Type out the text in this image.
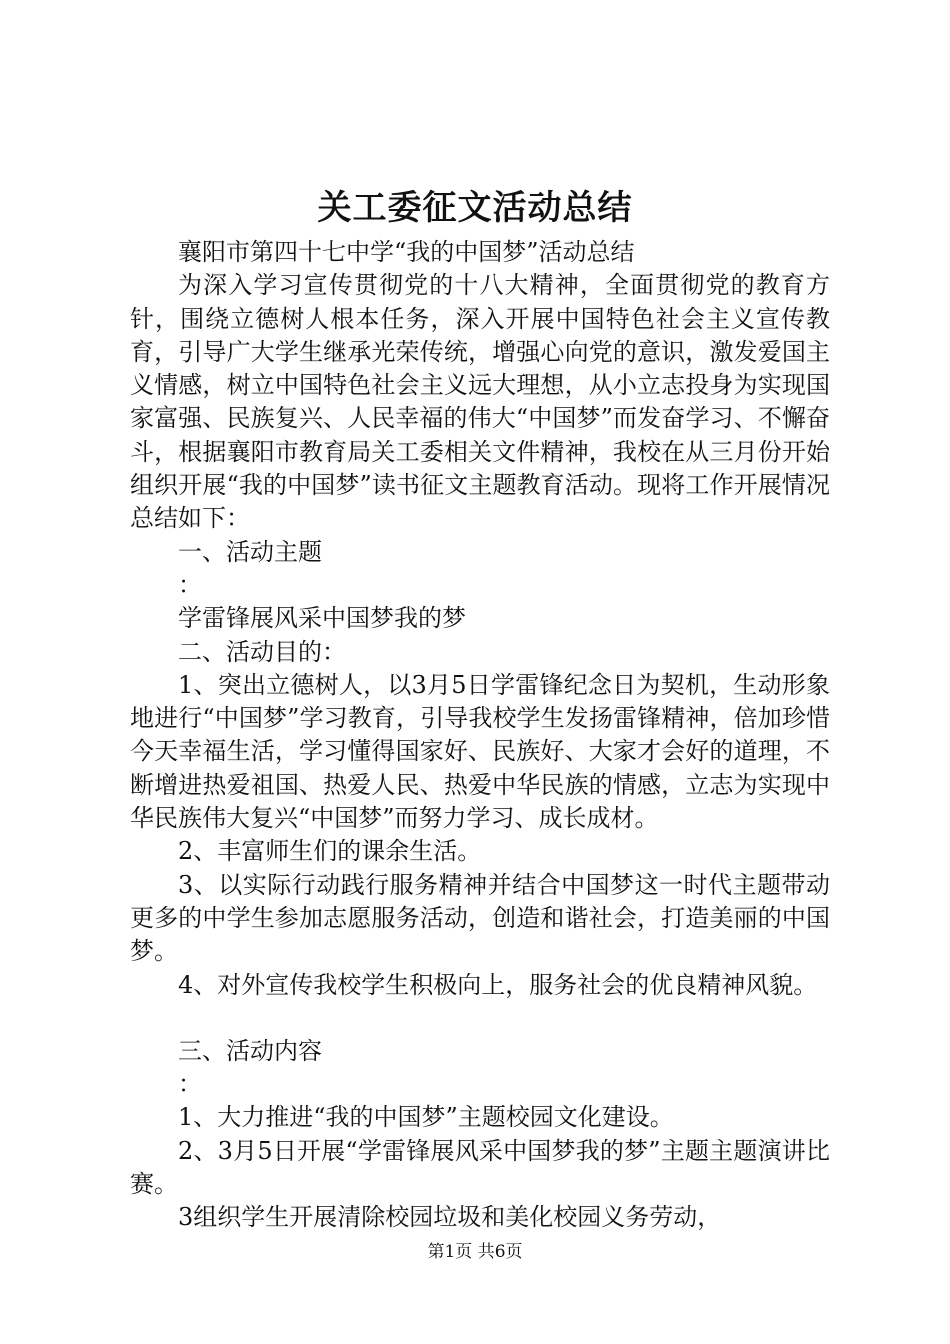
关工委征文活动总结

襄阳市第四十七中学“我的中国梦”活动总结

为深入学习宣传贯彻党的十八大精神，全面贯彻党的教育方针，围绕立德树人根本任务，深入开展中国特色社会主义宣传教育，引导广大学生继承光荣传统，增强心向党的意识，激发爱国主义情感，树立中国特色社会主义远大理想，从小立志投身为实现国家富强、民族复兴、人民幸福的伟大“中国梦”而发奋学习、不懈奋斗，根据襄阳市教育局关工委相关文件精神，我校在从三月份开始组织开展“我的中国梦”读书征文主题教育活动。现将工作开展情况总结如下：

一、活动主题

：

学雷锋展风采中国梦我的梦

二、活动目的：

1、突出立德树人，以3月5日学雷锋纪念日为契机，生动形象地进行“中国梦”学习教育，引导我校学生发扬雷锋精神，倍加珍惜今天幸福生活，学习懂得国家好、民族好、大家才会好的道理，不断增进热爱祖国、热爱人民、热爱中华民族的情感，立志为实现中华民族伟大复兴“中国梦”而努力学习、成长成材。

2、丰富师生们的课余生活。

3、以实际行动践行服务精神并结合中国梦这一时代主题带动更多的中学生参加志愿服务活动，创造和谐社会，打造美丽的中国梦。

4、对外宣传我校学生积极向上，服务社会的优良精神风貌。

三、活动内容

：

1、大力推进“我的中国梦”主题校园文化建设。

2、3月5日开展“学雷锋展风采中国梦我的梦”主题主题演讲比赛。

3组织学生开展清除校园垃圾和美化校园义务劳动，

第1页 共6页
